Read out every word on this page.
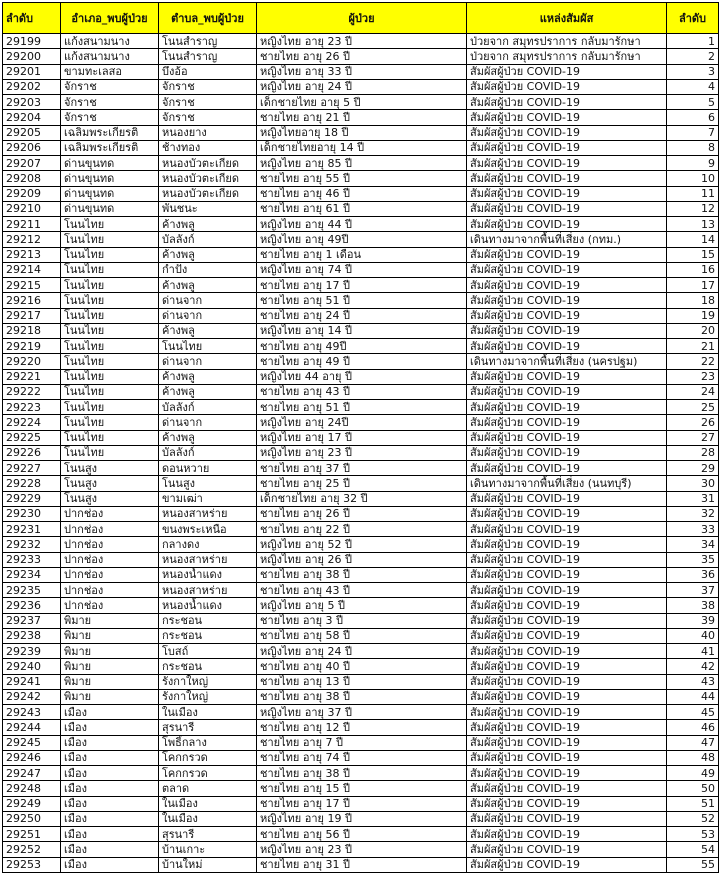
ลำดับ	อำเภอ_พบผู้ป่วย	ตำบล_พบผู้ป่วย	ผู้ป่วย	แหล่งสัมผัส	ลำดับ
29199	แก้งสนามนาง	โนนสำราญ	หญิงไทย อายุ 23 ปี	ป่วยจาก สมุทรปราการ กลับมารักษา	1
29200	แก้งสนามนาง	โนนสำราญ	ชายไทย อายุ 26 ปี	ป่วยจาก สมุทรปราการ กลับมารักษา	2
29201	ขามทะเลสอ	บึงอ้อ	หญิงไทย อายุ 33 ปี	สัมผัสผู้ป่วย COVID-19	3
29202	จักราช	จักราช	หญิงไทย อายุ 24 ปี	สัมผัสผู้ป่วย COVID-19	4
29203	จักราช	จักราช	เด็กชายไทย อายุ 5 ปี	สัมผัสผู้ป่วย COVID-19	5
29204	จักราช	จักราช	ชายไทย อายุ 21 ปี	สัมผัสผู้ป่วย COVID-19	6
29205	เฉลิมพระเกียรติ	หนองยาง	หญิงไทยอายุ 18 ปี	สัมผัสผู้ป่วย COVID-19	7
29206	เฉลิมพระเกียรติ	ช้างทอง	เด็กชายไทยอายุ 14 ปี	สัมผัสผู้ป่วย COVID-19	8
29207	ด่านขุนทด	หนองบัวตะเกียด	หญิงไทย อายุ 85 ปี	สัมผัสผู้ป่วย COVID-19	9
29208	ด่านขุนทด	หนองบัวตะเกียด	ชายไทย อายุ 55 ปี	สัมผัสผู้ป่วย COVID-19	10
29209	ด่านขุนทด	หนองบัวตะเกียด	ชายไทย อายุ 46 ปี	สัมผัสผู้ป่วย COVID-19	11
29210	ด่านขุนทด	พันชนะ	ชายไทย อายุ 61 ปี	สัมผัสผู้ป่วย COVID-19	12
29211	โนนไทย	ค้างพลู	หญิงไทย อายุ 44 ปี	สัมผัสผู้ป่วย COVID-19	13
29212	โนนไทย	บัลลังก์	หญิงไทย อายุ 49ปี	เดินทางมาจากพื้นที่เสี่ยง (กทม.)	14
29213	โนนไทย	ค้างพลู	ชายไทย อายุ 1 เดือน	สัมผัสผู้ป่วย COVID-19	15
29214	โนนไทย	กำปัง	หญิงไทย อายุ 74 ปี	สัมผัสผู้ป่วย COVID-19	16
29215	โนนไทย	ค้างพลู	ชายไทย อายุ 17 ปี	สัมผัสผู้ป่วย COVID-19	17
29216	โนนไทย	ด่านจาก	ชายไทย อายุ 51 ปี	สัมผัสผู้ป่วย COVID-19	18
29217	โนนไทย	ด่านจาก	ชายไทย อายุ 24 ปี	สัมผัสผู้ป่วย COVID-19	19
29218	โนนไทย	ค้างพลู	หญิงไทย อายุ 14 ปี	สัมผัสผู้ป่วย COVID-19	20
29219	โนนไทย	โนนไทย	ชายไทย อายุ 49ปี	สัมผัสผู้ป่วย COVID-19	21
29220	โนนไทย	ด่านจาก	ชายไทย อายุ 49 ปี	เดินทางมาจากพื้นที่เสี่ยง (นครปฐม)	22
29221	โนนไทย	ค้างพลู	หญิงไทย 44 อายุ ปี	สัมผัสผู้ป่วย COVID-19	23
29222	โนนไทย	ค้างพลู	ชายไทย อายุ 43 ปี	สัมผัสผู้ป่วย COVID-19	24
29223	โนนไทย	บัลลังก์	ชายไทย อายุ 51 ปี	สัมผัสผู้ป่วย COVID-19	25
29224	โนนไทย	ด่านจาก	หญิงไทย อายุ 24ปี	สัมผัสผู้ป่วย COVID-19	26
29225	โนนไทย	ค้างพลู	หญิงไทย อายุ 17 ปี	สัมผัสผู้ป่วย COVID-19	27
29226	โนนไทย	บัลลังก์	หญิงไทย อายุ 23 ปี	สัมผัสผู้ป่วย COVID-19	28
29227	โนนสูง	ดอนหวาย	ชายไทย อายุ 37 ปี	สัมผัสผู้ป่วย COVID-19	29
29228	โนนสูง	โนนสูง	ชายไทย อายุ 25 ปี	เดินทางมาจากพื้นที่เสี่ยง (นนทบุรี)	30
29229	โนนสูง	ขามเฒ่า	เด็กชายไทย อายุ 32 ปี	สัมผัสผู้ป่วย COVID-19	31
29230	ปากช่อง	หนองสาหร่าย	ชายไทย อายุ 26 ปี	สัมผัสผู้ป่วย COVID-19	32
29231	ปากช่อง	ขนงพระเหนือ	ชายไทย อายุ 22 ปี	สัมผัสผู้ป่วย COVID-19	33
29232	ปากช่อง	กลางดง	หญิงไทย อายุ 52 ปี	สัมผัสผู้ป่วย COVID-19	34
29233	ปากช่อง	หนองสาหร่าย	หญิงไทย อายุ 26 ปี	สัมผัสผู้ป่วย COVID-19	35
29234	ปากช่อง	หนองน้ำแดง	ชายไทย อายุ 38 ปี	สัมผัสผู้ป่วย COVID-19	36
29235	ปากช่อง	หนองสาหร่าย	ชายไทย อายุ 43 ปี	สัมผัสผู้ป่วย COVID-19	37
29236	ปากช่อง	หนองน้ำแดง	หญิงไทย อายุ 5 ปี	สัมผัสผู้ป่วย COVID-19	38
29237	พิมาย	กระชอน	ชายไทย อายุ 3 ปี	สัมผัสผู้ป่วย COVID-19	39
29238	พิมาย	กระชอน	ชายไทย อายุ 58 ปี	สัมผัสผู้ป่วย COVID-19	40
29239	พิมาย	โบสถ์	หญิงไทย อายุ 24 ปี	สัมผัสผู้ป่วย COVID-19	41
29240	พิมาย	กระชอน	ชายไทย อายุ 40 ปี	สัมผัสผู้ป่วย COVID-19	42
29241	พิมาย	รังกาใหญ่	ชายไทย อายุ 13 ปี	สัมผัสผู้ป่วย COVID-19	43
29242	พิมาย	รังกาใหญ่	ชายไทย อายุ 38 ปี	สัมผัสผู้ป่วย COVID-19	44
29243	เมือง	ในเมือง	หญิงไทย อายุ 37 ปี	สัมผัสผู้ป่วย COVID-19	45
29244	เมือง	สุรนารี	ชายไทย อายุ 12 ปี	สัมผัสผู้ป่วย COVID-19	46
29245	เมือง	โพธิ์กลาง	ชายไทย อายุ 7 ปี	สัมผัสผู้ป่วย COVID-19	47
29246	เมือง	โคกกรวด	ชายไทย อายุ 74 ปี	สัมผัสผู้ป่วย COVID-19	48
29247	เมือง	โคกกรวด	ชายไทย อายุ 38 ปี	สัมผัสผู้ป่วย COVID-19	49
29248	เมือง	ตลาด	ชายไทย อายุ 15 ปี	สัมผัสผู้ป่วย COVID-19	50
29249	เมือง	ในเมือง	ชายไทย อายุ 17 ปี	สัมผัสผู้ป่วย COVID-19	51
29250	เมือง	ในเมือง	หญิงไทย อายุ 19 ปี	สัมผัสผู้ป่วย COVID-19	52
29251	เมือง	สุรนารี	ชายไทย อายุ 56 ปี	สัมผัสผู้ป่วย COVID-19	53
29252	เมือง	บ้านเกาะ	หญิงไทย อายุ 23 ปี	สัมผัสผู้ป่วย COVID-19	54
29253	เมือง	บ้านใหม่	ชายไทย อายุ 31 ปี	สัมผัสผู้ป่วย COVID-19	55
